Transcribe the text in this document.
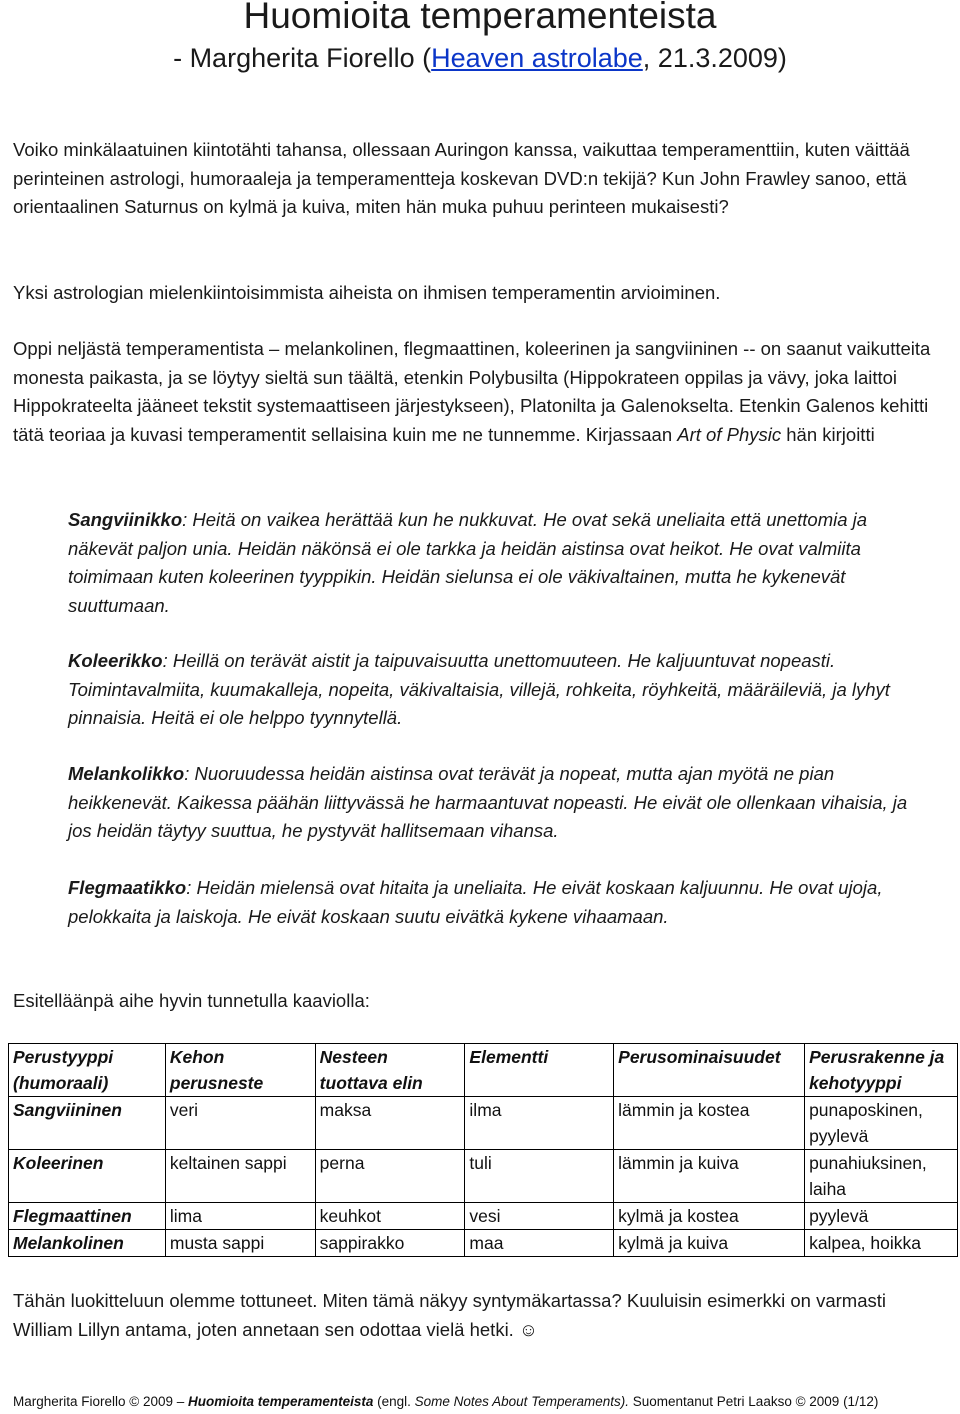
Huomioita temperamenteista
- Margherita Fiorello (Heaven astrolabe, 21.3.2009)
Voiko minkälaatuinen kiintotähti tahansa, ollessaan Auringon kanssa, vaikuttaa temperamenttiin, kuten väittää perinteinen astrologi, humoraaleja ja temperamentteja koskevan DVD:n tekijä? Kun John Frawley sanoo, että orientaalinen Saturnus on kylmä ja kuiva, miten hän muka puhuu perinteen mukaisesti?
Yksi astrologian mielenkiintoisimmista aiheista on ihmisen temperamentin arvioiminen.
Oppi neljästä temperamentista – melankolinen, flegmaattinen, koleerinen ja sangviininen -- on saanut vaikutteita monesta paikasta, ja se löytyy sieltä sun täältä, etenkin Polybusilta (Hippokrateen oppilas ja vävy, joka laittoi Hippokrateelta jääneet tekstit systemaattiseen järjestykseen), Platonilta ja Galenokselta. Etenkin Galenos kehitti tätä teoriaa ja kuvasi temperamentit sellaisina kuin me ne tunnemme. Kirjassaan Art of Physic hän kirjoitti
Sangviinikko: Heitä on vaikea herättää kun he nukkuvat. He ovat sekä uneliaita että unettomia ja näkevät paljon unia. Heidän näkönsä ei ole tarkka ja heidän aistinsa ovat heikot. He ovat valmiita toimimaan kuten koleerinen tyyppikin. Heidän sielunsa ei ole väkivaltainen, mutta he kykenevät suuttumaan.
Koleerikko: Heillä on terävät aistit ja taipuvaisuutta unettomuuteen. He kaljuuntuvat nopeasti. Toimintavalmiita, kuumakalleja, nopeita, väkivaltaisia, villejä, rohkeita, röyhkeitä, määräileviä, ja lyhyt pinnaisia. Heitä ei ole helppo tyynnytellä.
Melankolikko: Nuoruudessa heidän aistinsa ovat terävät ja nopeat, mutta ajan myötä ne pian heikkenevät. Kaikessa päähän liittyvässä he harmaantuvat nopeasti. He eivät ole ollenkaan vihaisia, ja jos heidän täytyy suuttua, he pystyvät hallitsemaan vihansa.
Flegmaatikko: Heidän mielensä ovat hitaita ja uneliaita. He eivät koskaan kaljuunnu. He ovat ujoja, pelokkaita ja laiskoja. He eivät koskaan suutu eivätkä kykene vihaamaan.
Esitelläänpä aihe hyvin tunnetulla kaaviolla:
Perustyyppi (humoraali)	Kehon perusneste	Nesteen tuottava elin	Elementti	Perusominaisuudet	Perusrakenne ja kehotyyppi
Sangviininen	veri	maksa	ilma	lämmin ja kostea	punaposkinen, pyylevä
Koleerinen	keltainen sappi	perna	tuli	lämmin ja kuiva	punahiuksinen, laiha
Flegmaattinen	lima	keuhkot	vesi	kylmä ja kostea	pyylevä
Melankolinen	musta sappi	sappirakko	maa	kylmä ja kuiva	kalpea, hoikka
Tähän luokitteluun olemme tottuneet. Miten tämä näkyy syntymäkartassa? Kuuluisin esimerkki on varmasti William Lillyn antama, joten annetaan sen odottaa vielä hetki. ☺
Margherita Fiorello © 2009 – Huomioita temperamenteista (engl. Some Notes About Temperaments). Suomentanut Petri Laakso © 2009 (1/12)
